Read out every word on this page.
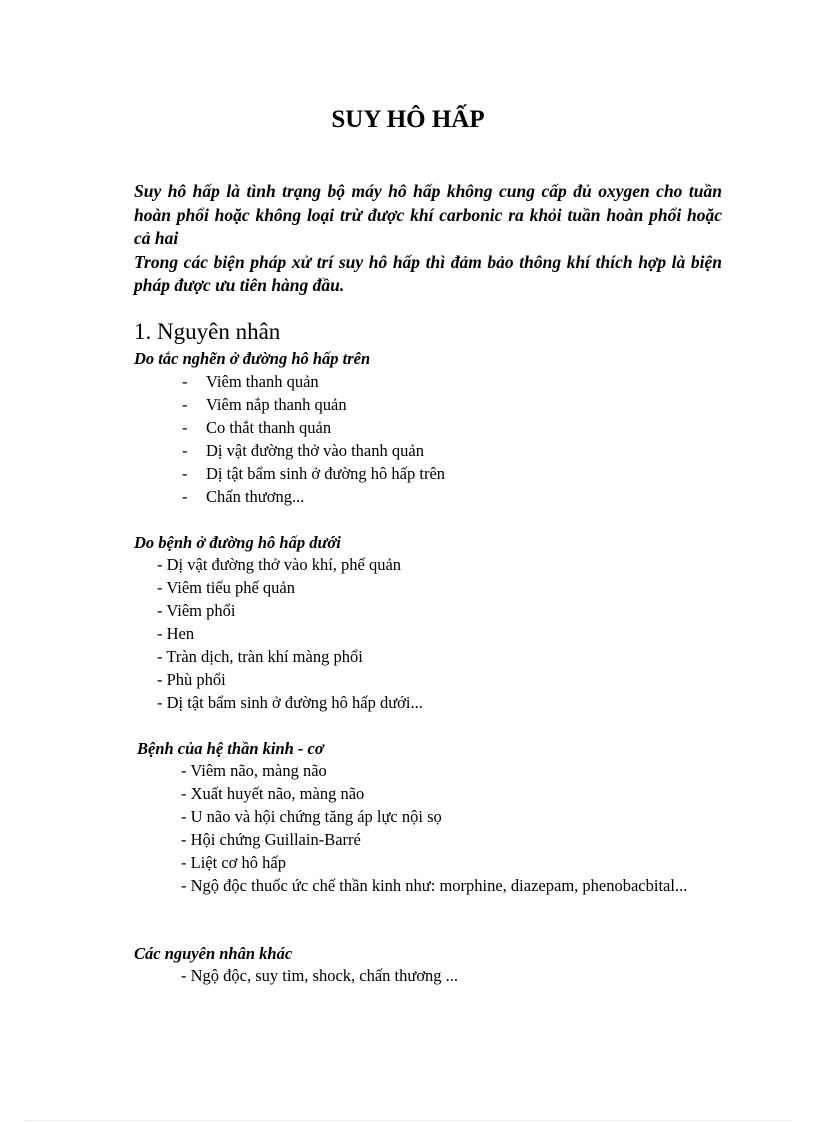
SUY HÔ HẤP

Suy hô hấp là tình trạng bộ máy hô hấp không cung cấp đủ oxygen cho tuần hoàn phổi hoặc không loại trừ được khí carbonic ra khỏi tuần hoàn phổi hoặc cả hai

Trong các biện pháp xử trí suy hô hấp thì đảm bảo thông khí thích hợp là biện pháp được ưu tiên hàng đầu.

1. Nguyên nhân
Do tắc nghẽn ở đường hô hấp trên
- Viêm thanh quản
- Viêm nắp thanh quản
- Co thắt thanh quản
- Dị vật đường thở vào thanh quản
- Dị tật bẩm sinh ở đường hô hấp trên
- Chấn thương...
Do bệnh ở đường hô hấp dưới
- Dị vật đường thở vào khí, phế quản
- Viêm tiểu phế quản
- Viêm phổi
- Hen
- Tràn dịch, tràn khí màng phổi
- Phù phổi
- Dị tật bẩm sinh ở đường hô hấp dưới...
Bệnh của hệ thần kinh - cơ
- Viêm não, màng não
- Xuất huyết não, màng não
- U não và hội chứng tăng áp lực nội sọ
- Hội chứng Guillain-Barré
- Liệt cơ hô hấp

- Ngộ độc thuốc ức chế thần kinh như: morphine, diazepam, phenobacbital...

Các nguyên nhân khác
- Ngộ độc, suy tim, shock, chấn thương ...
